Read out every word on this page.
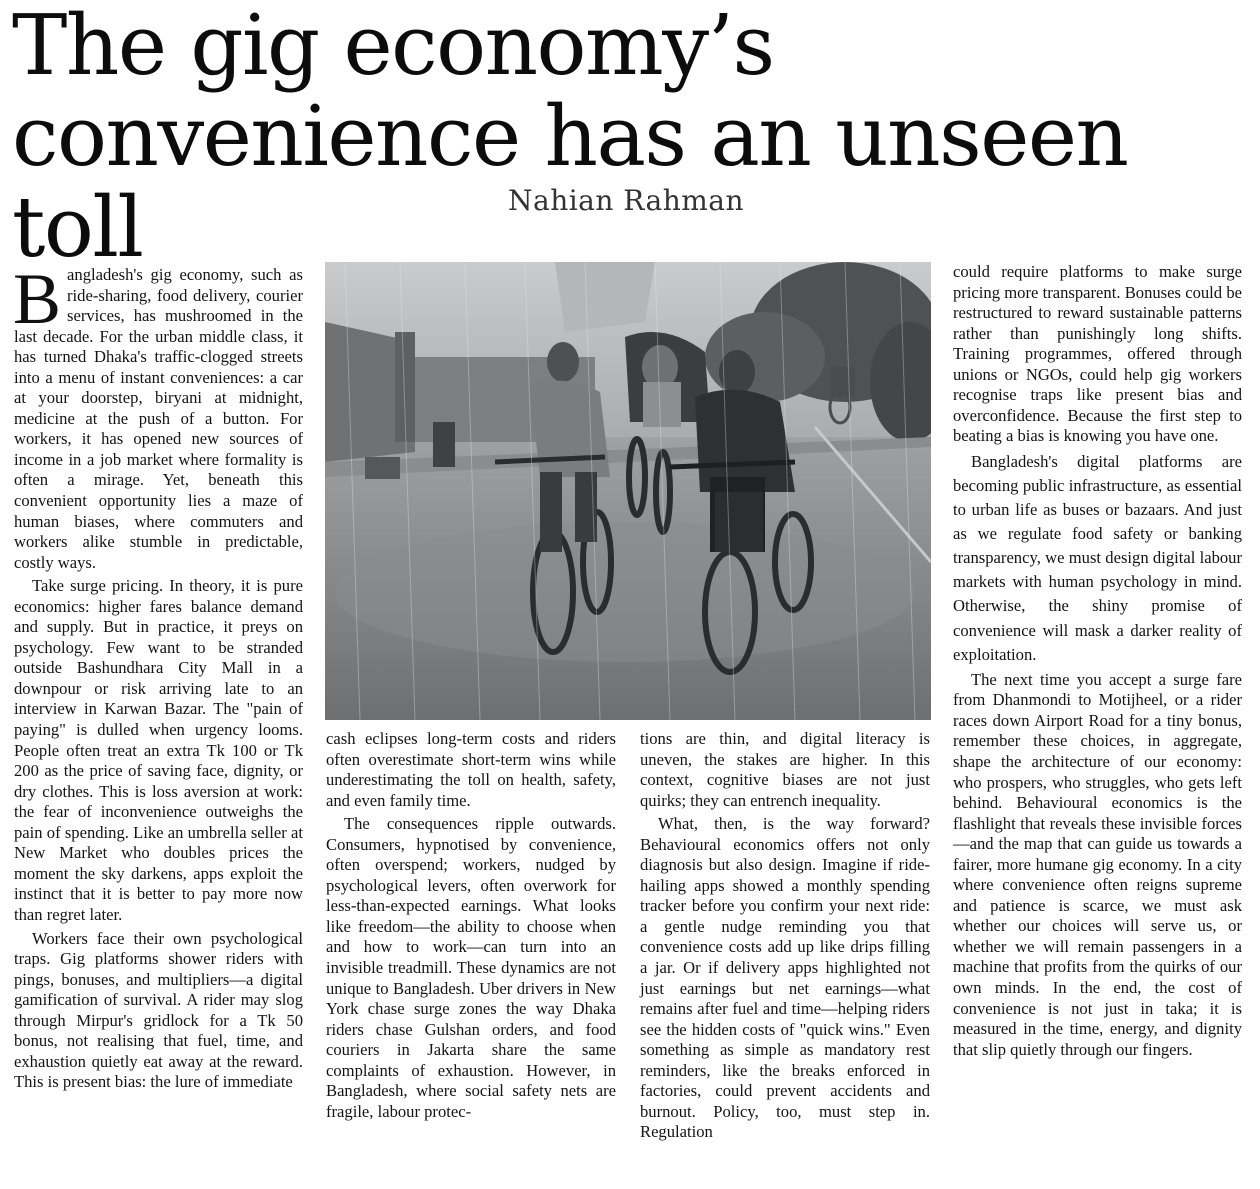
The gig economy’s
convenience has an unseen toll	Nahian Rahman

Bangladesh's gig economy, such as ride-sharing, food delivery, courier services, has mushroomed in the last decade. For the urban middle class, it has turned Dhaka's traffic-clogged streets into a menu of instant conveniences: a car at your doorstep, biryani at midnight, medicine at the push of a button. For workers, it has opened new sources of income in a job market where formality is often a mirage. Yet, beneath this convenient opportunity lies a maze of human biases, where commuters and workers alike stumble in predictable, costly ways.

Take surge pricing. In theory, it is pure economics: higher fares balance demand and supply. But in practice, it preys on psychology. Few want to be stranded outside Bashundhara City Mall in a downpour or risk arriving late to an interview in Karwan Bazar. The "pain of paying" is dulled when urgency looms. People often treat an extra Tk 100 or Tk 200 as the price of saving face, dignity, or dry clothes. This is loss aversion at work: the fear of inconvenience outweighs the pain of spending. Like an umbrella seller at New Market who doubles prices the moment the sky darkens, apps exploit the instinct that it is better to pay more now than regret later.

Workers face their own psychological traps. Gig platforms shower riders with pings, bonuses, and multipliers—a digital gamification of survival. A rider may slog through Mirpur's gridlock for a Tk 50 bonus, not realising that fuel, time, and exhaustion quietly eat away at the reward. This is present bias: the lure of immediate

cash eclipses long-term costs and riders often overestimate short-term wins while underestimating the toll on health, safety, and even family time.

The consequences ripple outwards. Consumers, hypnotised by convenience, often overspend; workers, nudged by psychological levers, often overwork for less-than-expected earnings. What looks like freedom—the ability to choose when and how to work—can turn into an invisible treadmill. These dynamics are not unique to Bangladesh. Uber drivers in New York chase surge zones the way Dhaka riders chase Gulshan orders, and food couriers in Jakarta share the same complaints of exhaustion. However, in Bangladesh, where social safety nets are fragile, labour protec-

tions are thin, and digital literacy is uneven, the stakes are higher. In this context, cognitive biases are not just quirks; they can entrench inequality.

What, then, is the way forward? Behavioural economics offers not only diagnosis but also design. Imagine if ride-hailing apps showed a monthly spending tracker before you confirm your next ride: a gentle nudge reminding you that convenience costs add up like drips filling a jar. Or if delivery apps highlighted not just earnings but net earnings—what remains after fuel and time—helping riders see the hidden costs of "quick wins." Even something as simple as mandatory rest reminders, like the breaks enforced in factories, could prevent accidents and burnout. Policy, too, must step in. Regulation

could require platforms to make surge pricing more transparent. Bonuses could be restructured to reward sustainable patterns rather than punishingly long shifts. Training programmes, offered through unions or NGOs, could help gig workers recognise traps like present bias and overconfidence. Because the first step to beating a bias is knowing you have one.

Bangladesh's digital platforms are becoming public infrastructure, as essential to urban life as buses or bazaars. And just as we regulate food safety or banking transparency, we must design digital labour markets with human psychology in mind. Otherwise, the shiny promise of convenience will mask a darker reality of exploitation.

The next time you accept a surge fare from Dhanmondi to Motijheel, or a rider races down Airport Road for a tiny bonus, remember these choices, in aggregate, shape the architecture of our economy: who prospers, who struggles, who gets left behind. Behavioural economics is the flashlight that reveals these invisible forces—and the map that can guide us towards a fairer, more humane gig economy. In a city where convenience often reigns supreme and patience is scarce, we must ask whether our choices will serve us, or whether we will remain passengers in a machine that profits from the quirks of our own minds. In the end, the cost of convenience is not just in taka; it is measured in the time, energy, and dignity that slip quietly through our fingers.
